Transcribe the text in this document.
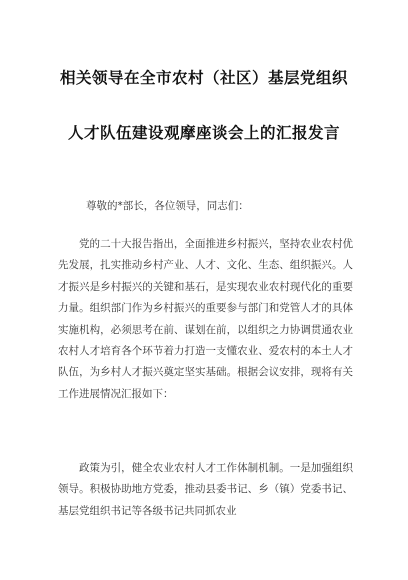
相关领导在全市农村（社区）基层党组织
人才队伍建设观摩座谈会上的汇报发言
尊敬的*部长，各位领导，同志们：

党的二十大报告指出，全面推进乡村振兴，坚持农业农村优先发展，扎实推动乡村产业、人才、文化、生态、组织振兴。人才振兴是乡村振兴的关键和基石，是实现农业农村现代化的重要力量。组织部门作为乡村振兴的重要参与部门和党管人才的具体实施机构，必须思考在前、谋划在前，以组织之力协调贯通农业农村人才培育各个环节着力打造一支懂农业、爱农村的本土人才队伍，为乡村人才振兴奠定坚实基础。根据会议安排，现将有关工作进展情况汇报如下：

政策为引，健全农业农村人才工作体制机制。一是加强组织领导。积极协助地方党委，推动县委书记、乡（镇）党委书记、基层党组织书记等各级书记共同抓农业
